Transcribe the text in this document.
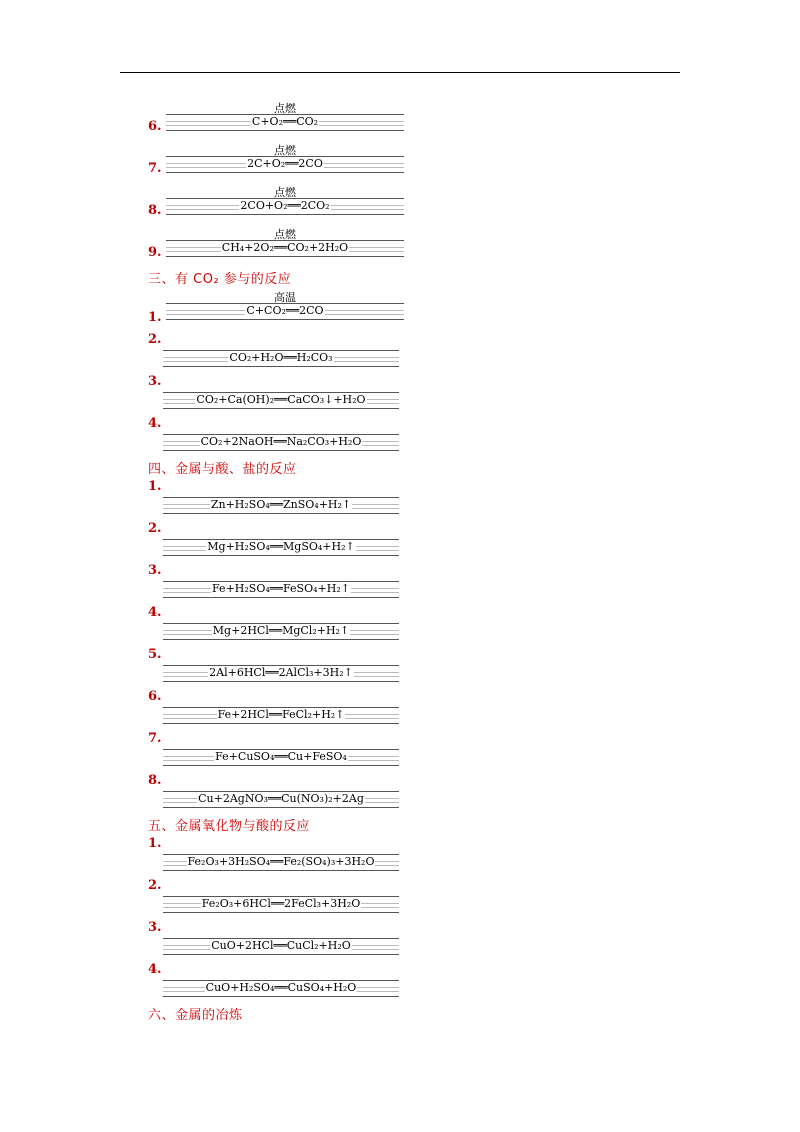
6.
点燃
C+O₂══CO₂
7.
点燃
2C+O₂══2CO
8.
点燃
2CO+O₂══2CO₂
9.
点燃
CH₄+2O₂══CO₂+2H₂O
三、有 CO₂ 参与的反应
1.
高温
C+CO₂══2CO
2.
CO₂+H₂O══H₂CO₃
3.
CO₂+Ca(OH)₂══CaCO₃↓+H₂O
4.
CO₂+2NaOH══Na₂CO₃+H₂O
四、金属与酸、盐的反应
1.
Zn+H₂SO₄══ZnSO₄+H₂↑
2.
Mg+H₂SO₄══MgSO₄+H₂↑
3.
Fe+H₂SO₄══FeSO₄+H₂↑
4.
Mg+2HCl══MgCl₂+H₂↑
5.
2Al+6HCl══2AlCl₃+3H₂↑
6.
Fe+2HCl══FeCl₂+H₂↑
7.
Fe+CuSO₄══Cu+FeSO₄
8.
Cu+2AgNO₃══Cu(NO₃)₂+2Ag
五、金属氧化物与酸的反应
1.
Fe₂O₃+3H₂SO₄══Fe₂(SO₄)₃+3H₂O
2.
Fe₂O₃+6HCl══2FeCl₃+3H₂O
3.
CuO+2HCl══CuCl₂+H₂O
4.
CuO+H₂SO₄══CuSO₄+H₂O
六、金属的冶炼
